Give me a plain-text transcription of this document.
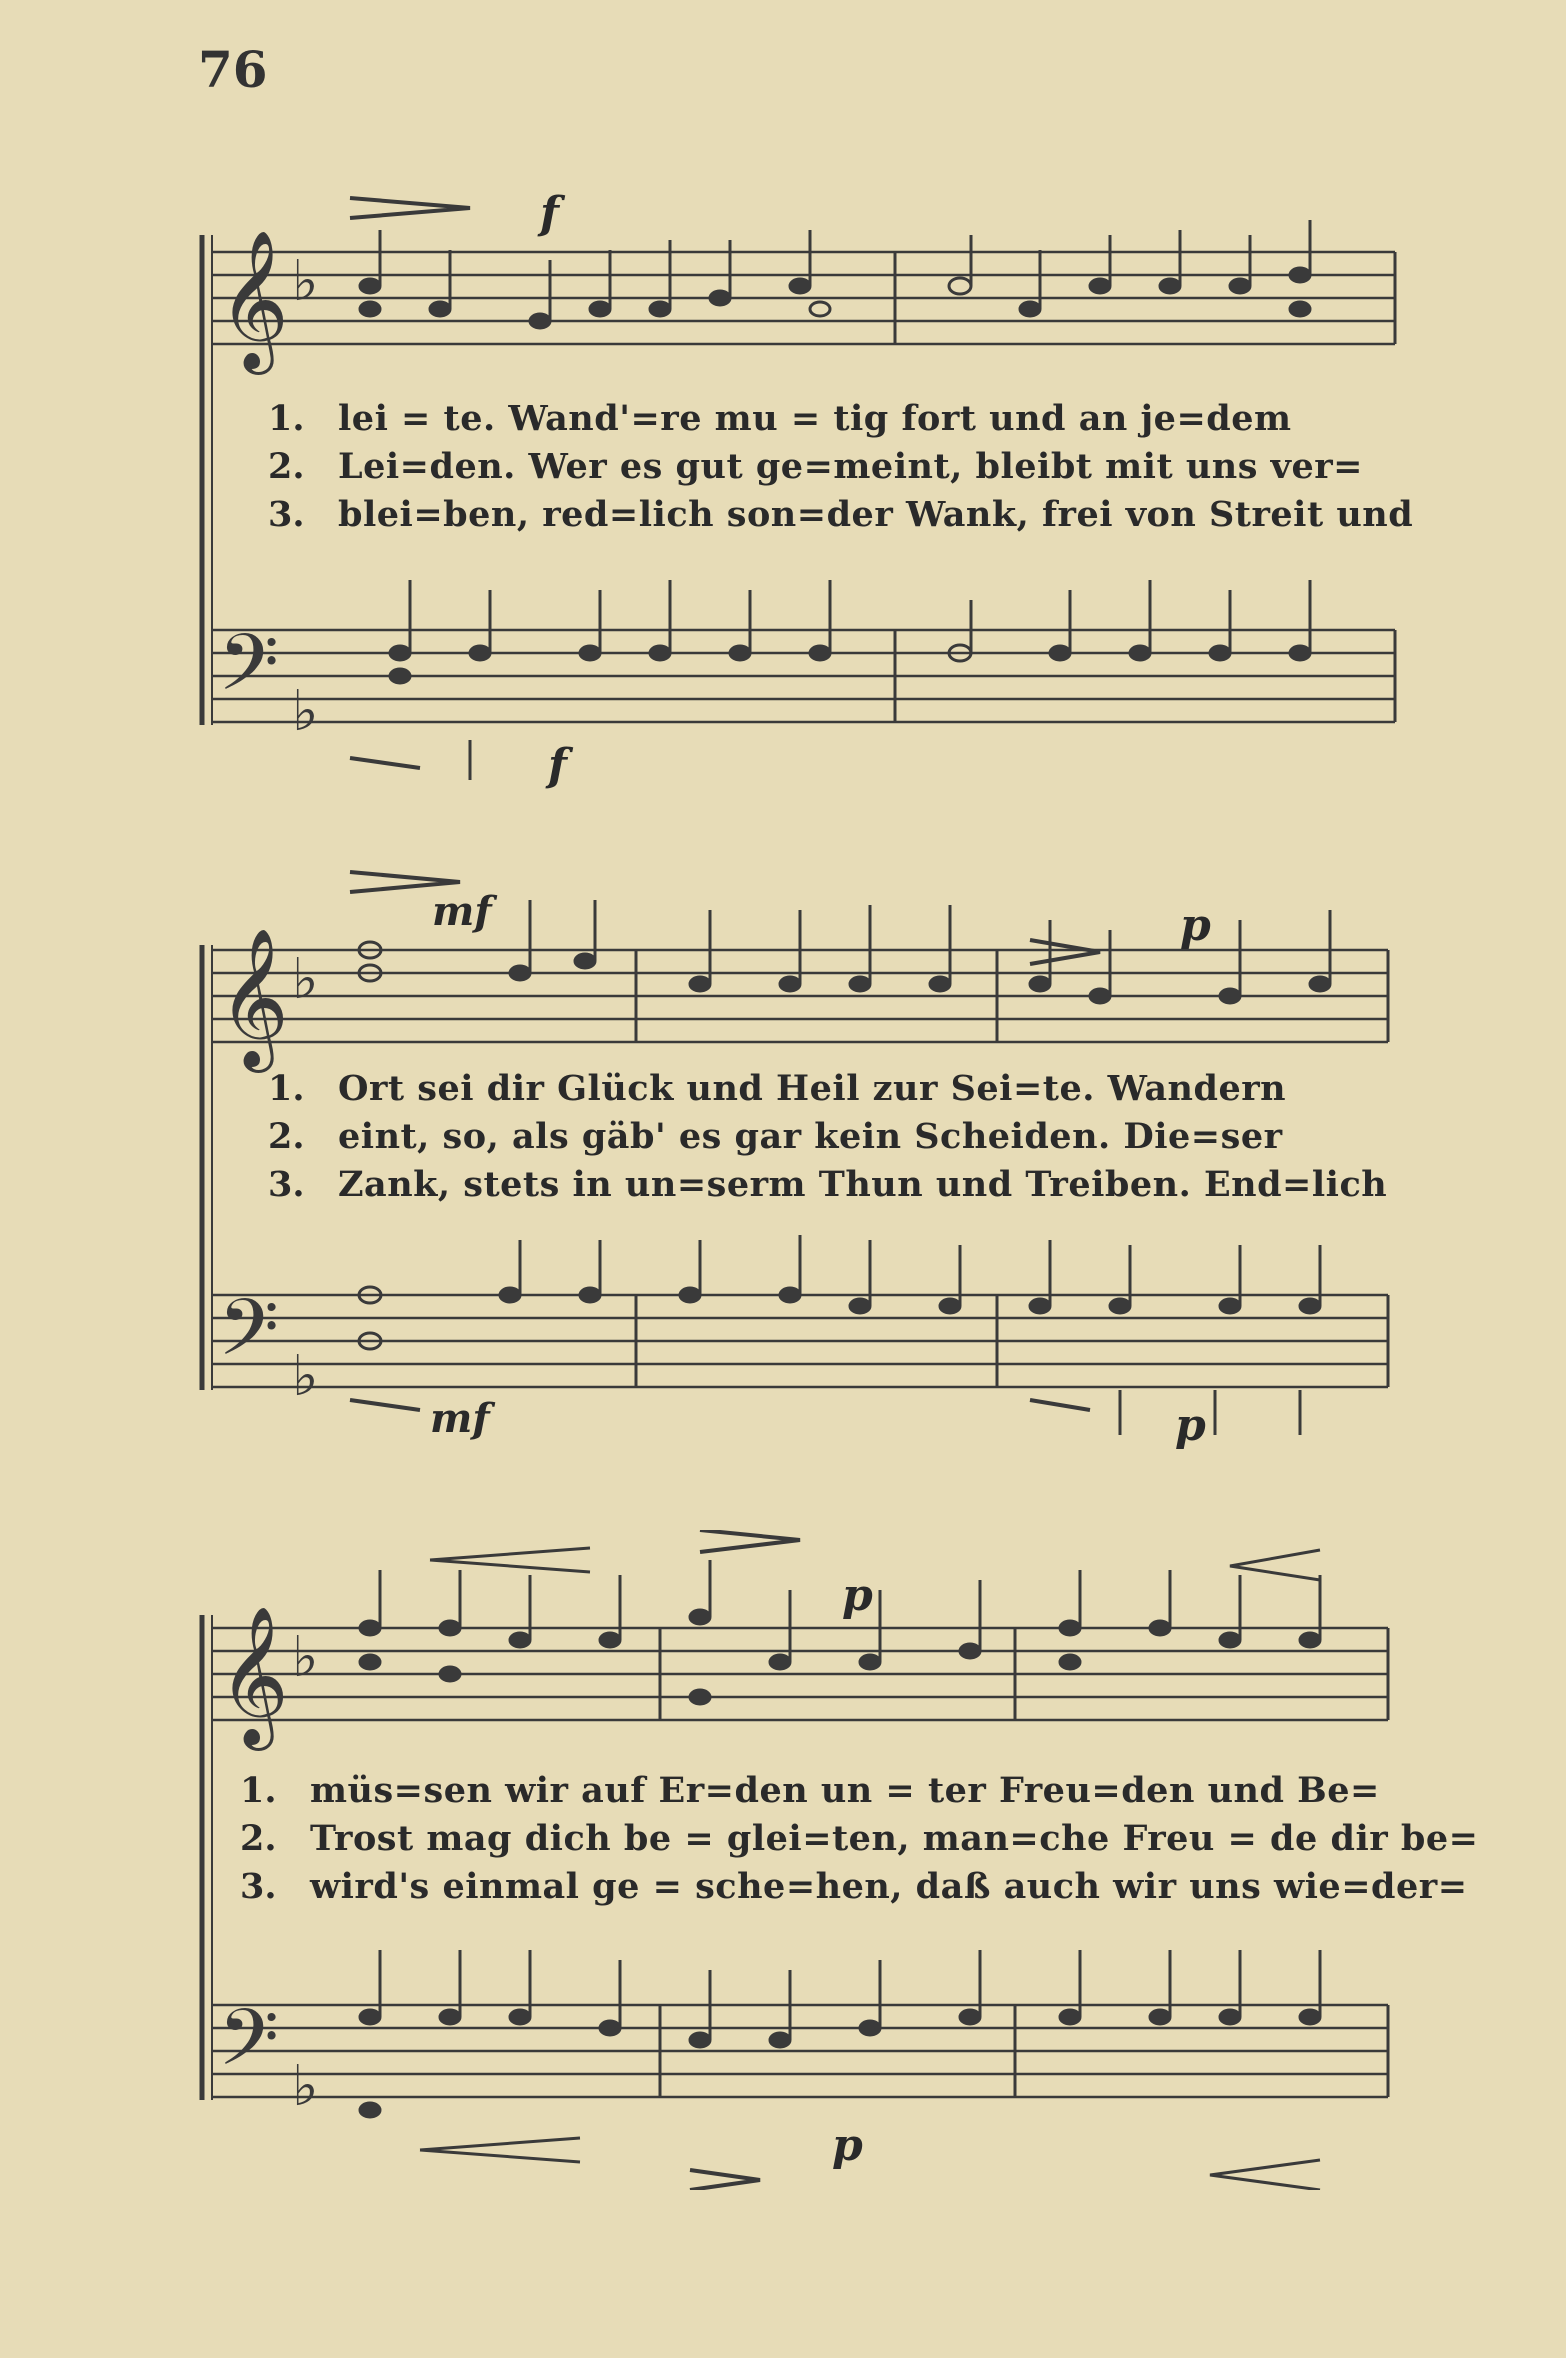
76
𝄞 ♭
𝄢 ♭
1. lei = te. Wand'=re mu = tig fort und an je=dem
2. Lei=den. Wer es gut ge=meint, bleibt mit uns ver=
3. blei=ben, red=lich son=der Wank, frei von Streit und
f
f
𝄞 ♭
𝄢 ♭
1. Ort sei dir Glück und Heil zur Sei=te. Wandern
2. eint, so, als gäb' es gar kein Scheiden. Die=ser
3. Zank, stets in un=serm Thun und Treiben. End=lich
mf	p
mf	p
𝄞 ♭
𝄢 ♭
1. müs=sen wir auf Er=den un = ter Freu=den und Be=
2. Trost mag dich be = glei=ten, man=che Freu = de dir be=
3. wird's einmal ge = sche=hen, daß auch wir uns wie=der=
p
p
